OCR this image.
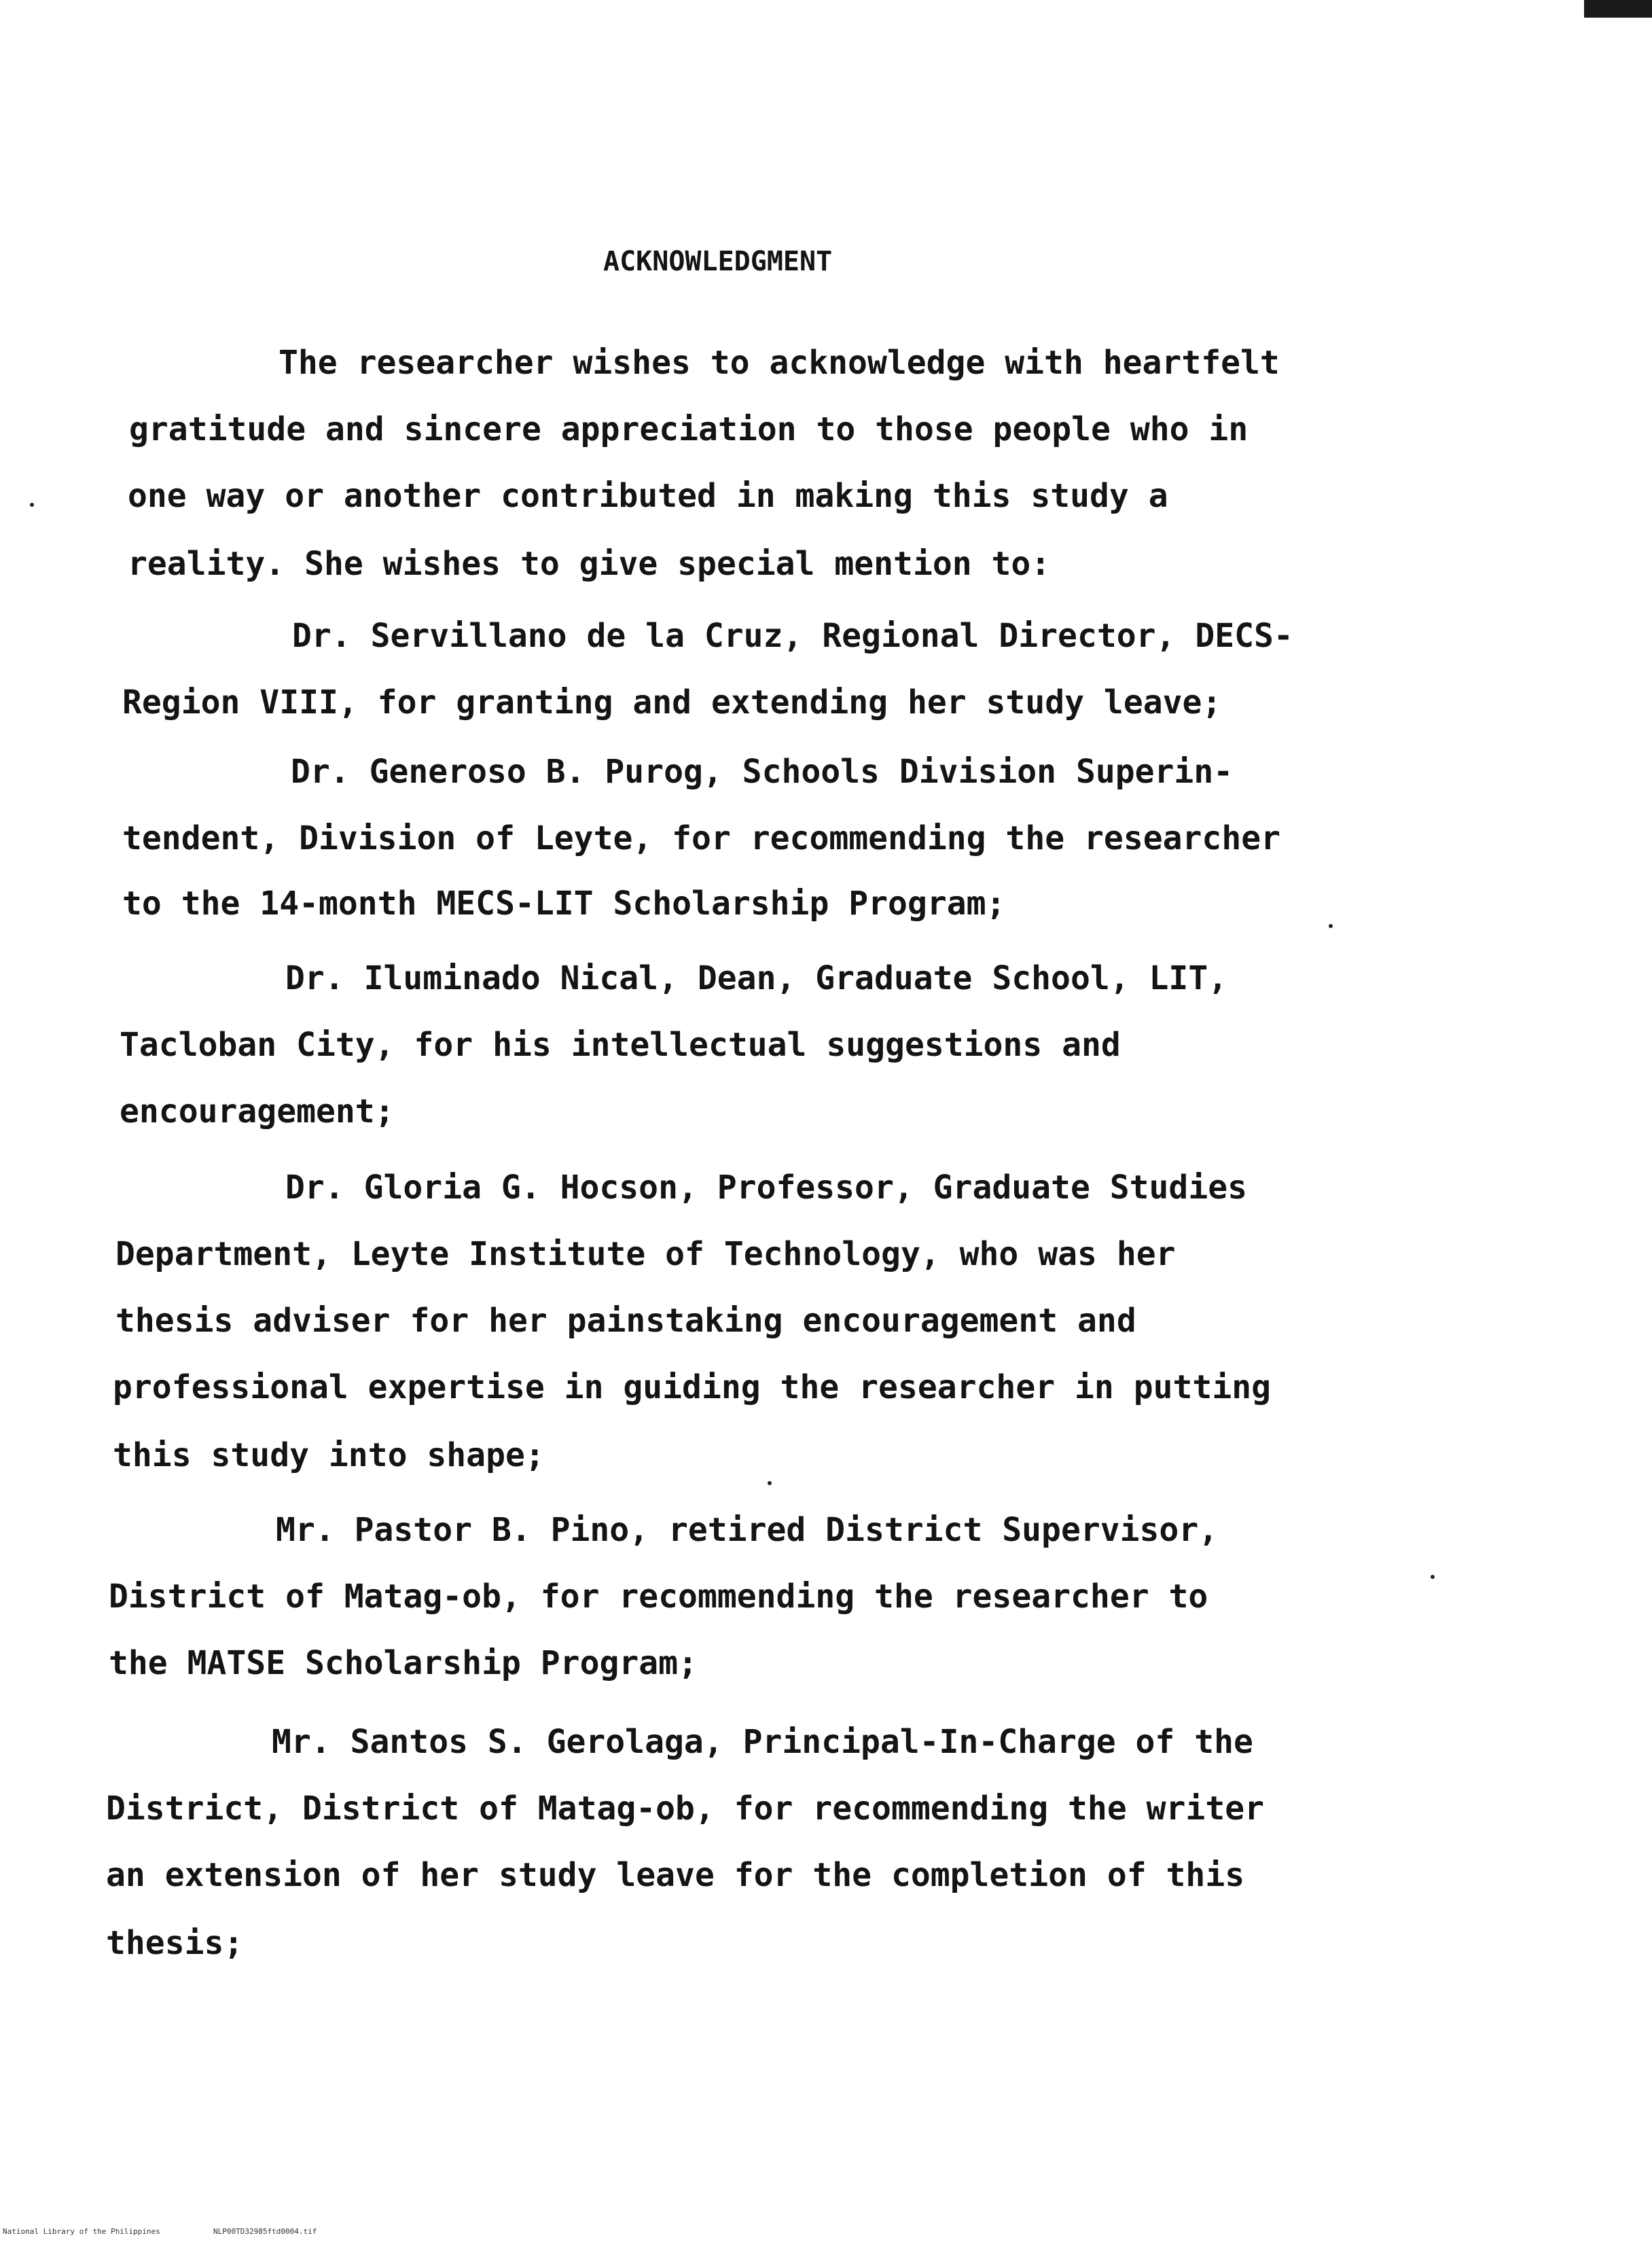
ACKNOWLEDGMENT
The researcher wishes to acknowledge with heartfelt
gratitude and sincere appreciation to those people who in
one way or another contributed in making this study a
reality. She wishes to give special mention to:
Dr. Servillano de la Cruz, Regional Director, DECS-
Region VIII, for granting and extending her study leave;
Dr. Generoso B. Purog, Schools Division Superin-
tendent, Division of Leyte, for recommending the researcher
to the 14-month MECS-LIT Scholarship Program;
Dr. Iluminado Nical, Dean, Graduate School, LIT,
Tacloban City, for his intellectual suggestions and
encouragement;
Dr. Gloria G. Hocson, Professor, Graduate Studies
Department, Leyte Institute of Technology, who was her
thesis adviser for her painstaking encouragement and
professional expertise in guiding the researcher in putting
this study into shape;
Mr. Pastor B. Pino, retired District Supervisor,
District of Matag-ob, for recommending the researcher to
the MATSE Scholarship Program;
Mr. Santos S. Gerolaga, Principal-In-Charge of the
District, District of Matag-ob, for recommending the writer
an extension of her study leave for the completion of this
thesis;
National Library of the Philippines	NLP00TD32985ftd0004.tif
